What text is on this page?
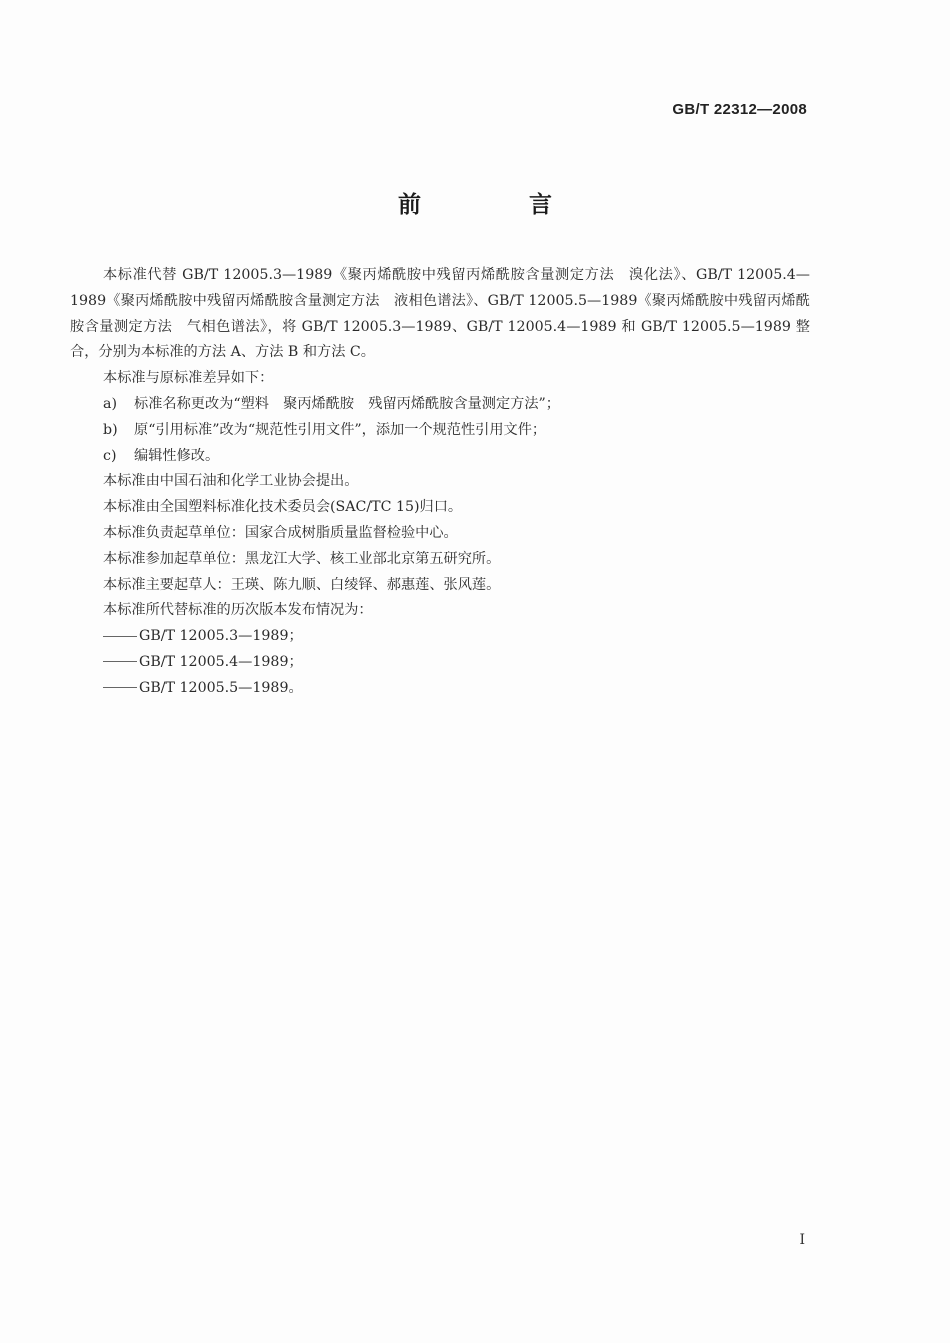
GB/T 22312—2008
前 言

本标准代替 GB/T 12005.3—1989《聚丙烯酰胺中残留丙烯酰胺含量测定方法　溴化法》、GB/T 12005.4—1989《聚丙烯酰胺中残留丙烯酰胺含量测定方法　液相色谱法》、GB/T 12005.5—1989《聚丙烯酰胺中残留丙烯酰胺含量测定方法　气相色谱法》，将 GB/T 12005.3—1989、GB/T 12005.4—1989 和 GB/T 12005.5—1989 整合，分别为本标准的方法 A、方法 B 和方法 C。

本标准与原标准差异如下：

a) 标准名称更改为“塑料　聚丙烯酰胺　残留丙烯酰胺含量测定方法”；

b) 原“引用标准”改为“规范性引用文件”，添加一个规范性引用文件；

c) 编辑性修改。

本标准由中国石油和化学工业协会提出。

本标准由全国塑料标准化技术委员会(SAC/TC 15)归口。

本标准负责起草单位：国家合成树脂质量监督检验中心。

本标准参加起草单位：黑龙江大学、核工业部北京第五研究所。

本标准主要起草人：王瑛、陈九顺、白绫铎、郝惠莲、张风莲。

本标准所代替标准的历次版本发布情况为：

GB/T 12005.3—1989；

GB/T 12005.4—1989；

GB/T 12005.5—1989。

I
